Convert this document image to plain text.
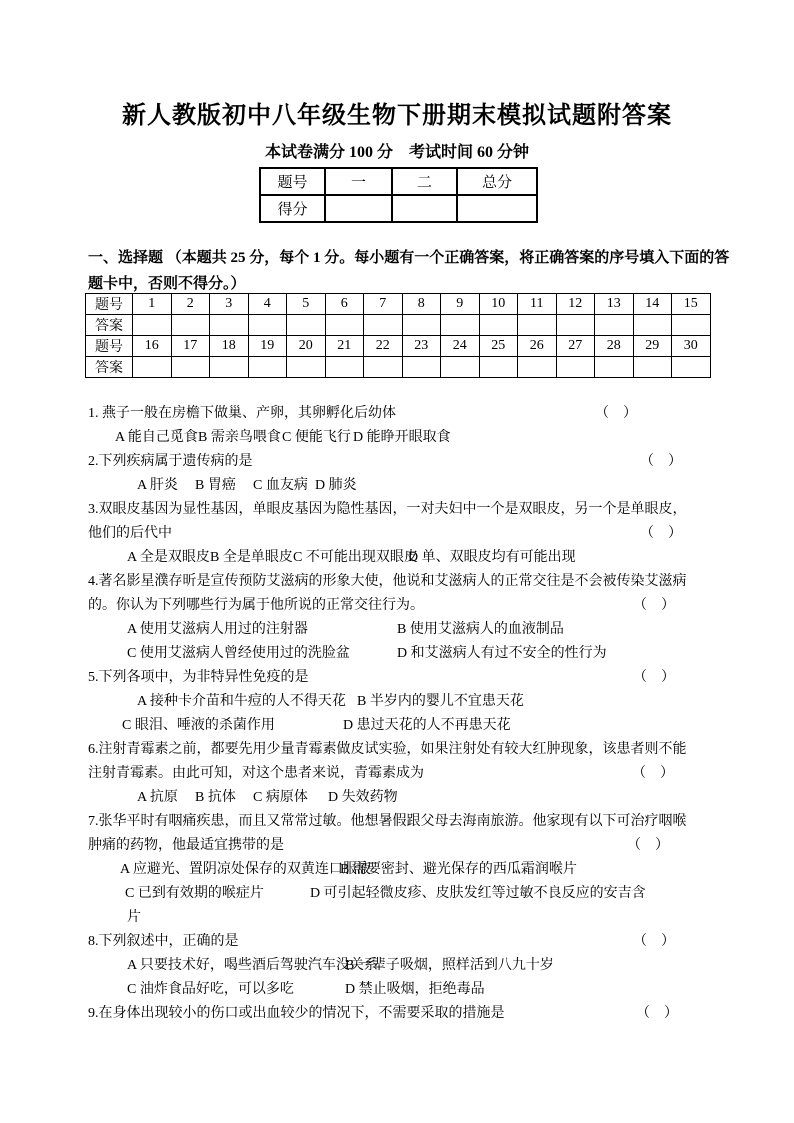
新人教版初中八年级生物下册期末模拟试题附答案
本试卷满分 100 分　考试时间 60 分钟
题号	一	二	总分
得分			
一、选择题 （本题共 25 分，每个 1 分。每小题有一个正确答案，将正确答案的序号填入下面的答
题卡中，否则不得分。）
题号	1	2	3	4	5	6	7	8	9	10	11	12	13	14	15
答案															
题号	16	17	18	19	20	21	22	23	24	25	26	27	28	29	30
答案															
1. 燕子一般在房檐下做巢、产卵，其卵孵化后幼体	（　）
A 能自己觅食 B 需亲鸟喂食 C 便能飞行 D 能睁开眼取食
2.下列疾病属于遗传病的是	（　）
A 肝炎 B 胃癌 C 血友病 D 肺炎
3.双眼皮基因为显性基因，单眼皮基因为隐性基因，一对夫妇中一个是双眼皮，另一个是单眼皮，
他们的后代中	（　）
A 全是双眼皮 B 全是单眼皮 C 不可能出现双眼皮
D 单、双眼皮均有可能出现
4.著名影星濮存昕是宣传预防艾滋病的形象大使，他说和艾滋病人的正常交往是不会被传染艾滋病
的。你认为下列哪些行为属于他所说的正常交往行为。	（　）
A 使用艾滋病人用过的注射器	B 使用艾滋病人的血液制品
C 使用艾滋病人曾经使用过的洗脸盆	D 和艾滋病人有过不安全的性行为
5.下列各项中，为非特异性免疫的是	（　）
A 接种卡介苗和牛痘的人不得天花 B 半岁内的婴儿不宜患天花
C 眼泪、唾液的杀菌作用	D 患过天花的人不再患天花
6.注射青霉素之前，都要先用少量青霉素做皮试实验，如果注射处有较大红肿现象，该患者则不能
注射青霉素。由此可知，对这个患者来说，青霉素成为	（　）
A 抗原 B 抗体 C 病原体 D 失效药物
7.张华平时有咽痛疾患，而且又常常过敏。他想暑假跟父母去海南旅游。他家现有以下可治疗咽喉
肿痛的药物，他最适宜携带的是	（　）
A 应避光、置阴凉处保存的双黄连口服液
B 需要密封、避光保存的西瓜霜润喉片
C 已到有效期的喉症片	D 可引起轻微皮疹、皮肤发红等过敏不良反应的安吉含
片
8.下列叙述中，正确的是	（　）
A 只要技术好，喝些酒后驾驶汽车没关系
B 一辈子吸烟，照样活到八九十岁
C 油炸食品好吃，可以多吃	D 禁止吸烟，拒绝毒品
9.在身体出现较小的伤口或出血较少的情况下，不需要采取的措施是	（　）
